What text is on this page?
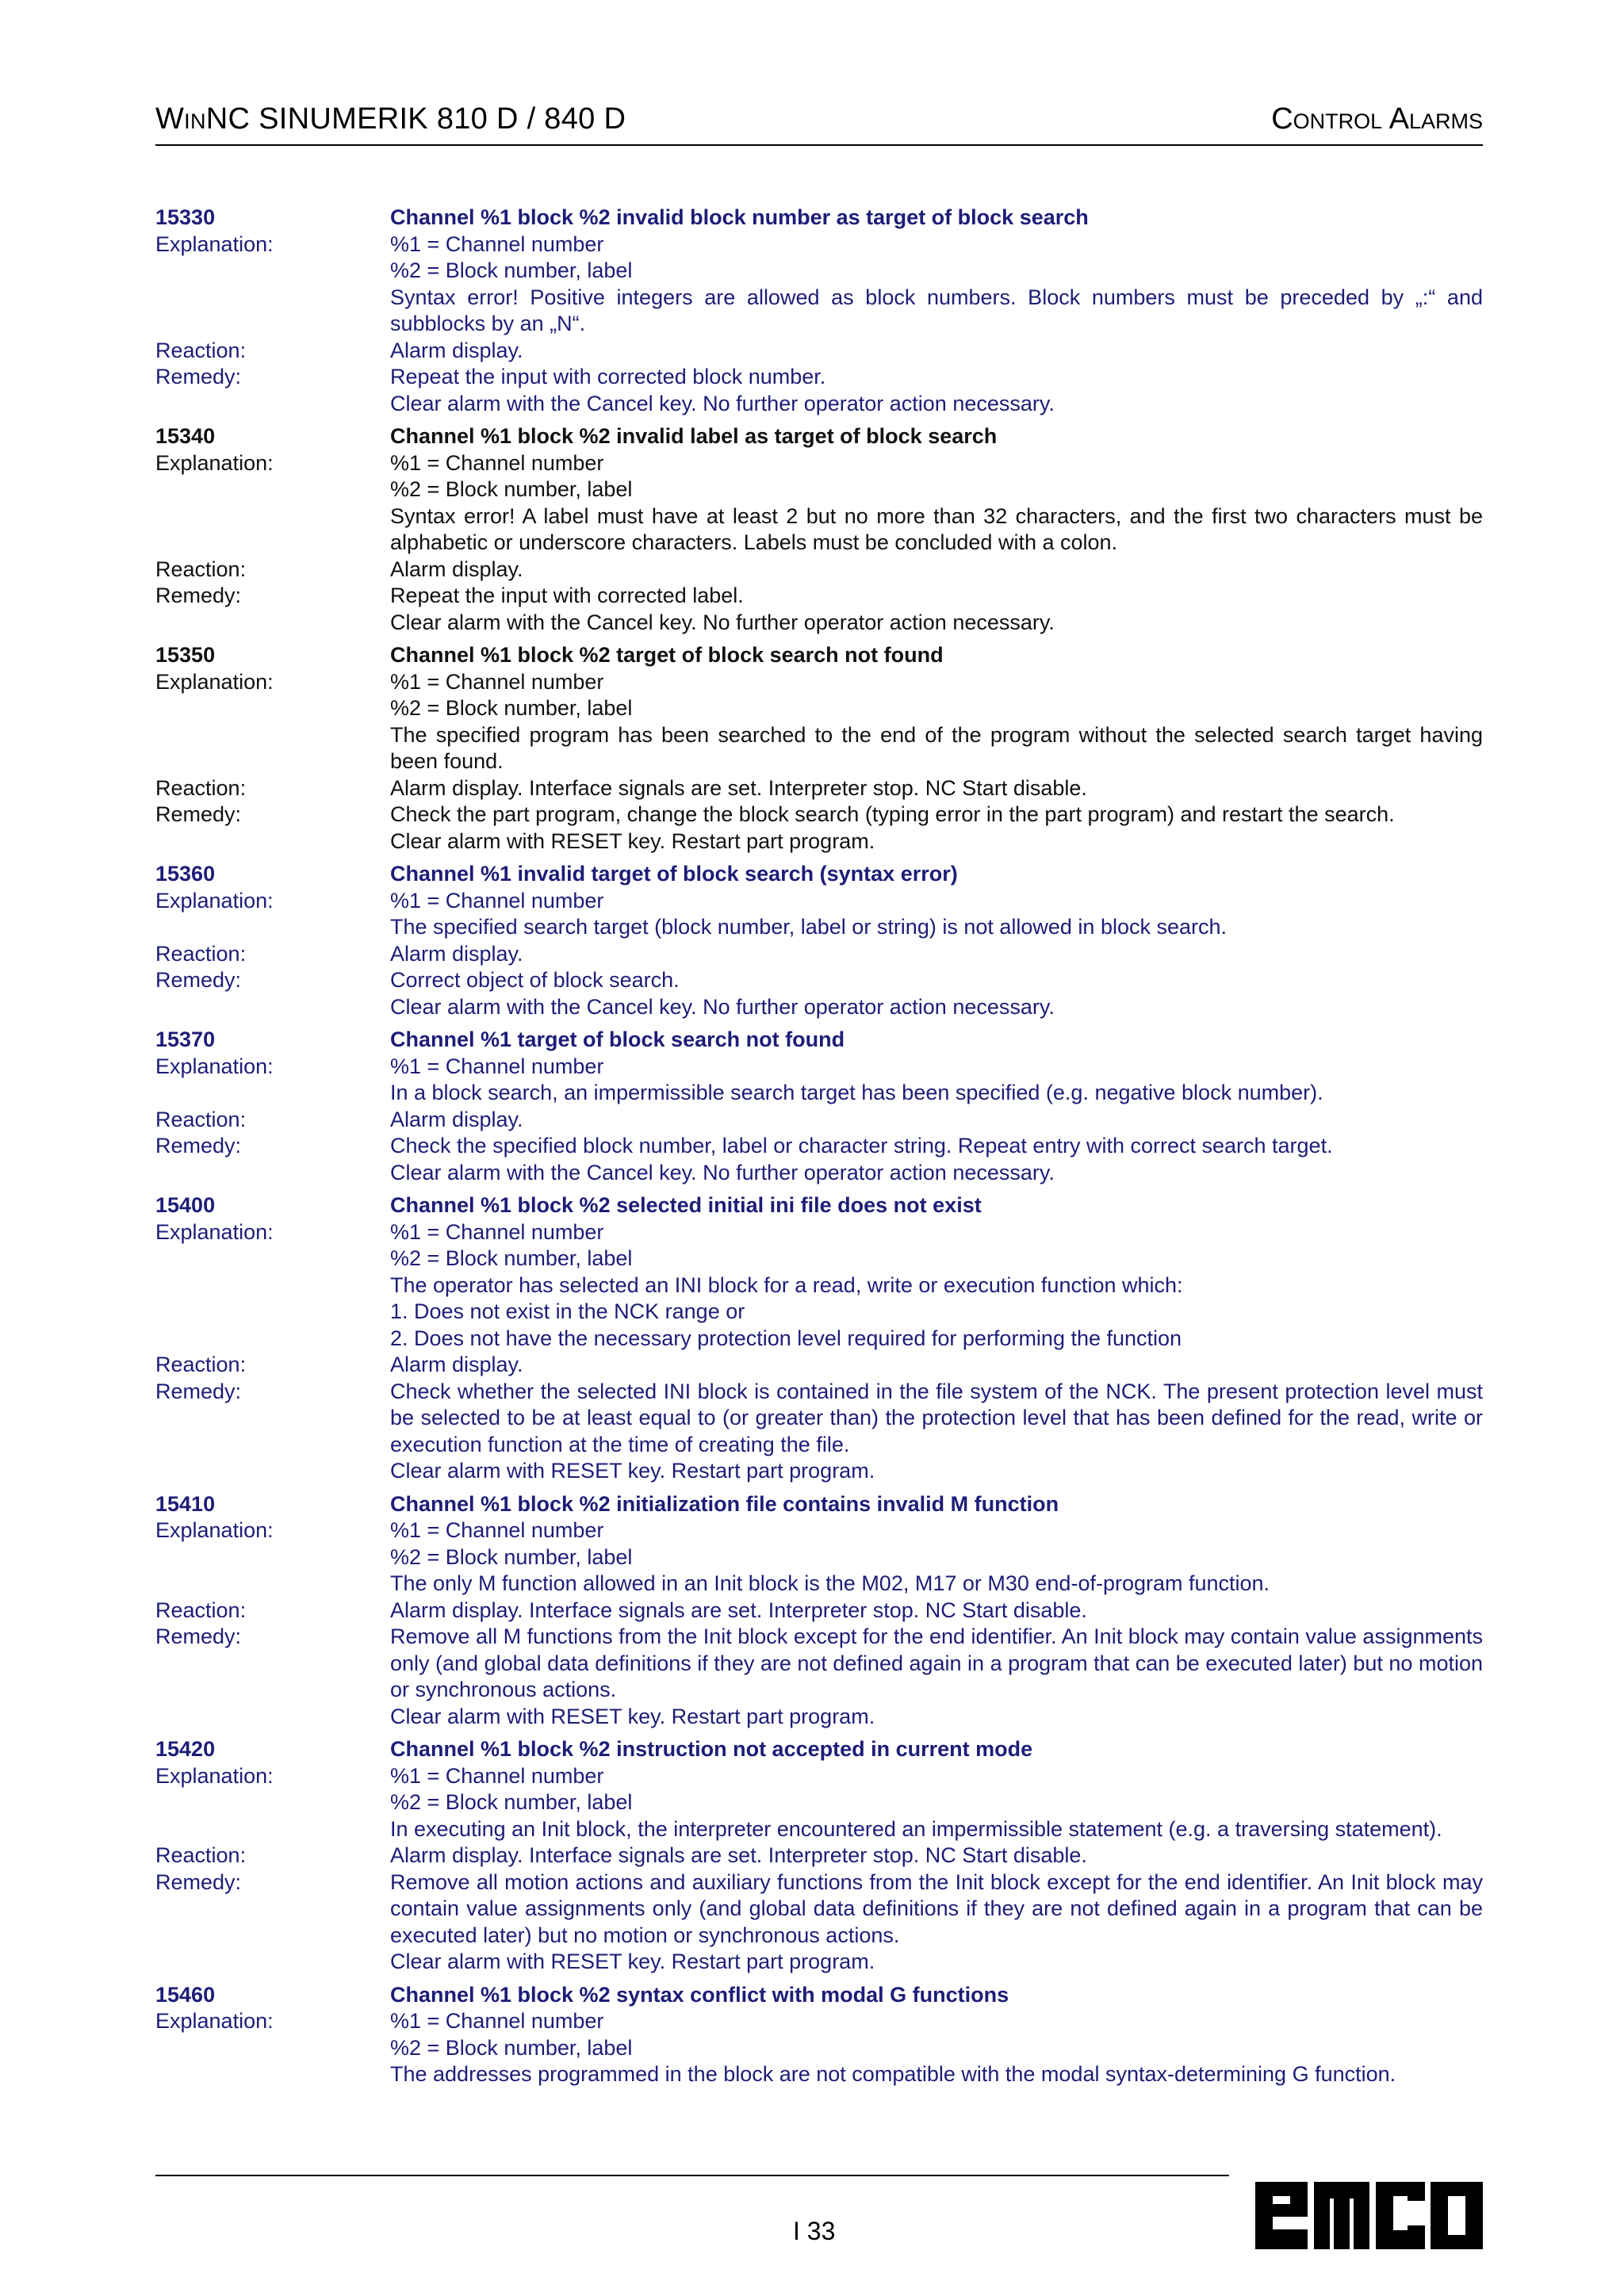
WinNC SINUMERIK 810 D / 840 D	Control Alarms
15330	Channel %1 block %2 invalid block number as target of block search
Explanation:	%1 = Channel number
%2 = Block number, label
Syntax error! Positive integers are allowed as block numbers. Block numbers must be preceded by „:“ and subblocks by an „N“.
Reaction:	Alarm display.
Remedy:	Repeat the input with corrected block number.
Clear alarm with the Cancel key. No further operator action necessary.
15340	Channel %1 block %2 invalid label as target of block search
Explanation:	%1 = Channel number
%2 = Block number, label
Syntax error! A label must have at least 2 but no more than 32 characters, and the first two characters must be alphabetic or underscore characters. Labels must be concluded with a colon.
Reaction:	Alarm display.
Remedy:	Repeat the input with corrected label.
Clear alarm with the Cancel key. No further operator action necessary.
15350	Channel %1 block %2 target of block search not found
Explanation:	%1 = Channel number
%2 = Block number, label
The specified program has been searched to the end of the program without the selected search target having been found.
Reaction:	Alarm display. Interface signals are set. Interpreter stop. NC Start disable.
Remedy:	Check the part program, change the block search (typing error in the part program) and restart the search.
Clear alarm with RESET key. Restart part program.
15360	Channel %1 invalid target of block search (syntax error)
Explanation:	%1 = Channel number
The specified search target (block number, label or string) is not allowed in block search.
Reaction:	Alarm display.
Remedy:	Correct object of block search.
Clear alarm with the Cancel key. No further operator action necessary.
15370	Channel %1 target of block search not found
Explanation:	%1 = Channel number
In a block search, an impermissible search target has been specified (e.g. negative block number).
Reaction:	Alarm display.
Remedy:	Check the specified block number, label or character string. Repeat entry with correct search target.
Clear alarm with the Cancel key. No further operator action necessary.
15400	Channel %1 block %2 selected initial ini file does not exist
Explanation:	%1 = Channel number
%2 = Block number, label
The operator has selected an INI block for a read, write or execution function which:
1. Does not exist in the NCK range or
2. Does not have the necessary protection level required for performing the function
Reaction:	Alarm display.
Remedy:	Check whether the selected INI block is contained in the file system of the NCK. The present protection level must be selected to be at least equal to (or greater than) the protection level that has been defined for the read, write or execution function at the time of creating the file.
Clear alarm with RESET key. Restart part program.
15410	Channel %1 block %2 initialization file contains invalid M function
Explanation:	%1 = Channel number
%2 = Block number, label
The only M function allowed in an Init block is the M02, M17 or M30 end-of-program function.
Reaction:	Alarm display. Interface signals are set. Interpreter stop. NC Start disable.
Remedy:	Remove all M functions from the Init block except for the end identifier. An Init block may contain value assignments only (and global data definitions if they are not defined again in a program that can be executed later) but no motion or synchronous actions.
Clear alarm with RESET key. Restart part program.
15420	Channel %1 block %2 instruction not accepted in current mode
Explanation:	%1 = Channel number
%2 = Block number, label
In executing an Init block, the interpreter encountered an impermissible statement (e.g. a traversing statement).
Reaction:	Alarm display. Interface signals are set. Interpreter stop. NC Start disable.
Remedy:	Remove all motion actions and auxiliary functions from the Init block except for the end identifier. An Init block may contain value assignments only (and global data definitions if they are not defined again in a program that can be executed later) but no motion or synchronous actions.
Clear alarm with RESET key. Restart part program.
15460	Channel %1 block %2 syntax conflict with modal G functions
Explanation:	%1 = Channel number
%2 = Block number, label
The addresses programmed in the block are not compatible with the modal syntax-determining G function.
I 33
